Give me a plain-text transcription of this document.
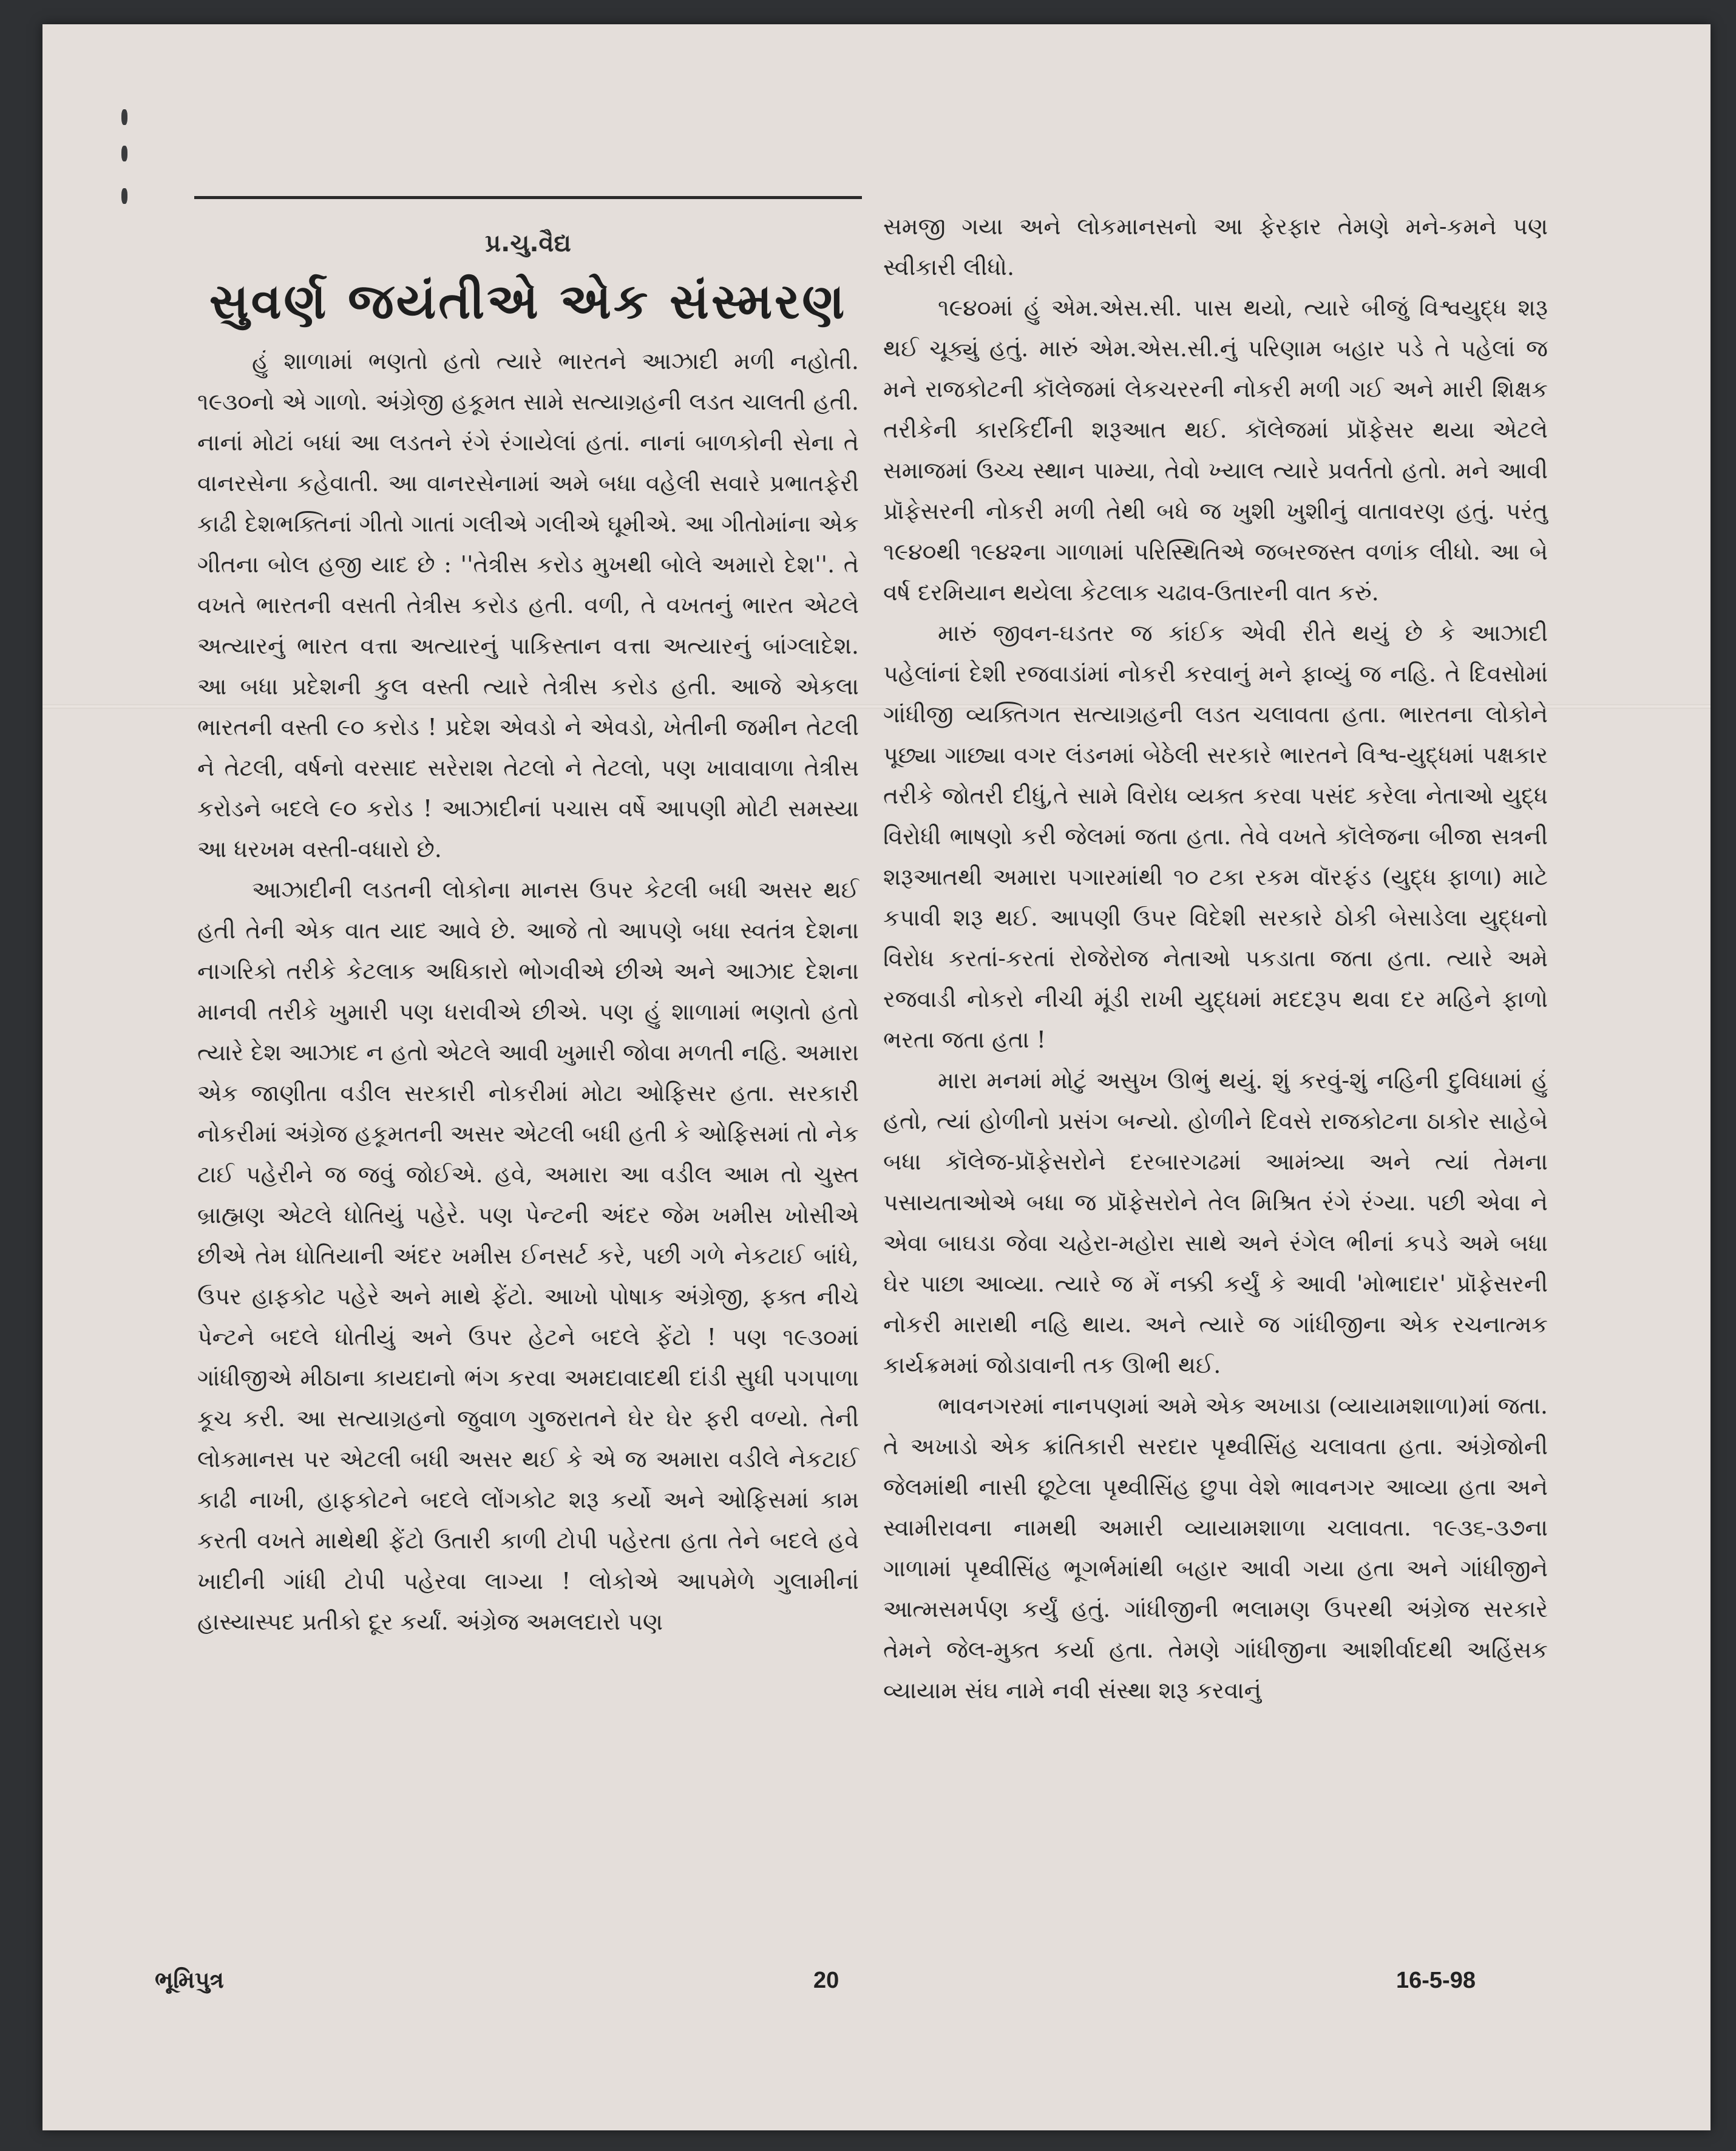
પ્ર.ચુ.વૈદ્ય
સુવર્ણ જયંતીએ એક સંસ્મરણ

હું શાળામાં ભણતો હતો ત્યારે ભારતને આઝાદી મળી નહોતી. ૧૯૩૦નો એ ગાળો. અંગ્રેજી હકૂમત સામે સત્યાગ્રહની લડત ચાલતી હતી. નાનાં મોટાં બધાં આ લડતને રંગે રંગાયેલાં હતાં. નાનાં બાળકોની સેના તે વાનરસેના કહેવાતી. આ વાનરસેનામાં અમે બધા વહેલી સવારે પ્રભાતફેરી કાઢી દેશભક્તિનાં ગીતો ગાતાં ગલીએ ગલીએ ઘૂમીએ. આ ગીતોમાંના એક ગીતના બોલ હજી યાદ છે : ''તેત્રીસ કરોડ મુખથી બોલે અમારો દેશ''. તે વખતે ભારતની વસતી તેત્રીસ કરોડ હતી. વળી, તે વખતનું ભારત એટલે અત્યારનું ભારત વત્તા અત્યારનું પાકિસ્તાન વત્તા અત્યારનું બાંગ્લાદેશ. આ બધા પ્રદેશની કુલ વસ્તી ત્યારે તેત્રીસ કરોડ હતી. આજે એકલા ભારતની વસ્તી ૯૦ કરોડ ! પ્રદેશ એવડો ને એવડો, ખેતીની જમીન તેટલી ને તેટલી, વર્ષનો વરસાદ સરેરાશ તેટલો ને તેટલો, પણ ખાવાવાળા તેત્રીસ કરોડને બદલે ૯૦ કરોડ ! આઝાદીનાં પચાસ વર્ષે આપણી મોટી સમસ્યા આ ધરખમ વસ્તી-વધારો છે.

આઝાદીની લડતની લોકોના માનસ ઉપર કેટલી બધી અસર થઈ હતી તેની એક વાત યાદ આવે છે. આજે તો આપણે બધા સ્વતંત્ર દેશના નાગરિકો તરીકે કેટલાક અધિકારો ભોગવીએ છીએ અને આઝાદ દેશના માનવી તરીકે ખુમારી પણ ધરાવીએ છીએ. પણ હું શાળામાં ભણતો હતો ત્યારે દેશ આઝાદ ન હતો એટલે આવી ખુમારી જોવા મળતી નહિ. અમારા એક જાણીતા વડીલ સરકારી નોકરીમાં મોટા ઓફિસર હતા. સરકારી નોકરીમાં અંગ્રેજ હકૂમતની અસર એટલી બધી હતી કે ઓફિસમાં તો નેક ટાઈ પહેરીને જ જવું જોઈએ. હવે, અમારા આ વડીલ આમ તો ચુસ્ત બ્રાહ્મણ એટલે ધોતિયું પહેરે. પણ પેન્ટની અંદર જેમ ખમીસ ખોસીએ છીએ તેમ ધોતિયાની અંદર ખમીસ ઈનસર્ટ કરે, પછી ગળે નેકટાઈ બાંધે, ઉપર હાફકોટ પહેરે અને માથે ફેંટો. આખો પોષાક અંગ્રેજી, ફક્ત નીચે પેન્ટને બદલે ધોતીયું અને ઉપર હેટને બદલે ફેંટો ! પણ ૧૯૩૦માં ગાંધીજીએ મીઠાના કાયદાનો ભંગ કરવા અમદાવાદથી દાંડી સુધી પગપાળા કૂચ કરી. આ સત્યાગ્રહનો જુવાળ ગુજરાતને ઘેર ઘેર ફરી વળ્યો. તેની લોકમાનસ પર એટલી બધી અસર થઈ કે એ જ અમારા વડીલે નેકટાઈ કાઢી નાખી, હાફકોટને બદલે લોંગકોટ શરૂ કર્યો અને ઓફિસમાં કામ કરતી વખતે માથેથી ફેંટો ઉતારી કાળી ટોપી પહેરતા હતા તેને બદલે હવે ખાદીની ગાંધી ટોપી પહેરવા લાગ્યા ! લોકોએ આપમેળે ગુલામીનાં હાસ્યાસ્પદ પ્રતીકો દૂર કર્યાં. અંગ્રેજ અમલદારો પણ

સમજી ગયા અને લોકમાનસનો આ ફેરફાર તેમણે મને-કમને પણ સ્વીકારી લીધો.

૧૯૪૦માં હું એમ.એસ.સી. પાસ થયો, ત્યારે બીજું વિશ્વયુદ્ધ શરૂ થઈ ચૂક્યું હતું. મારું એમ.એસ.સી.નું પરિણામ બહાર પડે તે પહેલાં જ મને રાજકોટની કૉલેજમાં લેકચરરની નોકરી મળી ગઈ અને મારી શિક્ષક તરીકેની કારકિર્દીની શરૂઆત થઈ. કૉલેજમાં પ્રૉફેસર થયા એટલે સમાજમાં ઉચ્ચ સ્થાન પામ્યા, તેવો ખ્યાલ ત્યારે પ્રવર્તતો હતો. મને આવી પ્રૉફેસરની નોકરી મળી તેથી બધે જ ખુશી ખુશીનું વાતાવરણ હતું. પરંતુ ૧૯૪૦થી ૧૯૪૨ના ગાળામાં પરિસ્થિતિએ જબરજસ્ત વળાંક લીધો. આ બે વર્ષ દરમિયાન થયેલા કેટલાક ચઢાવ-ઉતારની વાત કરું.

મારું જીવન-ઘડતર જ કાંઈક એવી રીતે થયું છે કે આઝાદી પહેલાંનાં દેશી રજવાડાંમાં નોકરી કરવાનું મને ફાવ્યું જ નહિ. તે દિવસોમાં ગાંધીજી વ્યક્તિગત સત્યાગ્રહની લડત ચલાવતા હતા. ભારતના લોકોને પૂછ્યા ગાછ્યા વગર લંડનમાં બેઠેલી સરકારે ભારતને વિશ્વ-યુદ્ધમાં પક્ષકાર તરીકે જોતરી દીધું,તે સામે વિરોધ વ્યક્ત કરવા પસંદ કરેલા નેતાઓ યુદ્ધ વિરોધી ભાષણો કરી જેલમાં જતા હતા. તેવે વખતે કૉલેજના બીજા સત્રની શરૂઆતથી અમારા પગારમાંથી ૧૦ ટકા રકમ વૉરફંડ (યુદ્ધ ફાળા) માટે કપાવી શરૂ થઈ. આપણી ઉપર વિદેશી સરકારે ઠોકી બેસાડેલા યુદ્ધનો વિરોધ કરતાં-કરતાં રોજેરોજ નેતાઓ પકડાતા જતા હતા. ત્યારે અમે રજવાડી નોકરો નીચી મૂંડી રાખી યુદ્ધમાં મદદરૂપ થવા દર મહિને ફાળો ભરતા જતા હતા !

મારા મનમાં મોટું અસુખ ઊભું થયું. શું કરવું-શું નહિની દુવિધામાં હું હતો, ત્યાં હોળીનો પ્રસંગ બન્યો. હોળીને દિવસે રાજકોટના ઠાકોર સાહેબે બધા કૉલેજ-પ્રૉફેસરોને દરબારગઢમાં આમંત્ર્યા અને ત્યાં તેમના પસાયતાઓએ બધા જ પ્રૉફેસરોને તેલ મિશ્રિત રંગે રંગ્યા. પછી એવા ને એવા બાઘડા જેવા ચહેરા-મહોરા સાથે અને રંગેલ ભીનાં કપડે અમે બધા ઘેર પાછા આવ્યા. ત્યારે જ મેં નક્કી કર્યું કે આવી 'મોભાદાર' પ્રૉફેસરની નોકરી મારાથી નહિ થાય. અને ત્યારે જ ગાંધીજીના એક રચનાત્મક કાર્યક્રમમાં જોડાવાની તક ઊભી થઈ.

ભાવનગરમાં નાનપણમાં અમે એક અખાડા (વ્યાયામશાળા)માં જતા. તે અખાડો એક ક્રાંતિકારી સરદાર પૃથ્વીસિંહ ચલાવતા હતા. અંગ્રેજોની જેલમાંથી નાસી છૂટેલા પૃથ્વીસિંહ છુપા વેશે ભાવનગર આવ્યા હતા અને સ્વામીરાવના નામથી અમારી વ્યાયામશાળા ચલાવતા. ૧૯૩૬-૩૭ના ગાળામાં પૃથ્વીસિંહ ભૂગર્ભમાંથી બહાર આવી ગયા હતા અને ગાંધીજીને આત્મસમર્પણ કર્યું હતું. ગાંધીજીની ભલામણ ઉપરથી અંગ્રેજ સરકારે તેમને જેલ-મુક્ત કર્યા હતા. તેમણે ગાંધીજીના આશીર્વાદથી અહિંસક વ્યાયામ સંઘ નામે નવી સંસ્થા શરૂ કરવાનું

ભૂમિપુત્ર	20	16-5-98
